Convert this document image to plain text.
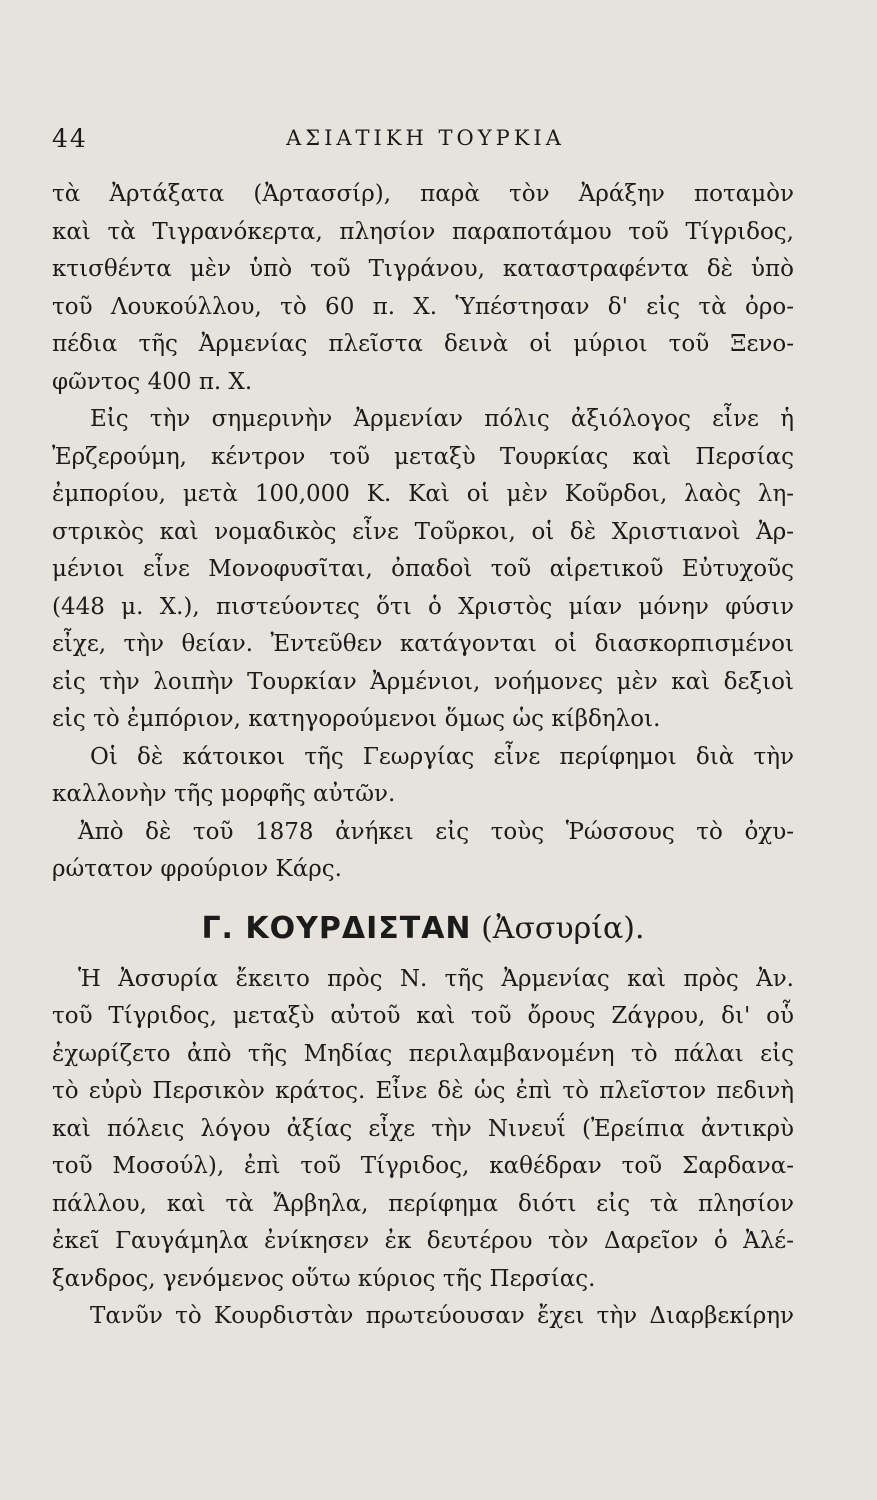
44	ΑΣΙΑΤΙΚΗ ΤΟΥΡΚΙΑ
τὰ Ἀρτάξατα (Ἀρτασσίρ), παρὰ τὸν Ἀράξην ποταμὸν
καὶ τὰ Τιγρανόκερτα, πλησίον παραποτάμου τοῦ Τίγριδος,
κτισθέντα μὲν ὑπὸ τοῦ Τιγράνου, καταστραφέντα δὲ ὑπὸ
τοῦ Λουκούλλου, τὸ 60 π. Χ. Ὑπέστησαν δ' εἰς τὰ ὀρο-
πέδια τῆς Ἀρμενίας πλεῖστα δεινὰ οἱ μύριοι τοῦ Ξενο-
φῶντος 400 π. Χ.
Εἰς τὴν σημερινὴν Ἀρμενίαν πόλις ἀξιόλογος εἶνε ἡ
Ἐρζερούμη, κέντρον τοῦ μεταξὺ Τουρκίας καὶ Περσίας
ἐμπορίου, μετὰ 100,000 Κ. Καὶ οἱ μὲν Κοῦρδοι, λαὸς λη-
στρικὸς καὶ νομαδικὸς εἶνε Τοῦρκοι, οἱ δὲ Χριστιανοὶ Ἀρ-
μένιοι εἶνε Μονοφυσῖται, ὀπαδοὶ τοῦ αἱρετικοῦ Εὐτυχοῦς
(448 μ. Χ.), πιστεύοντες ὅτι ὁ Χριστὸς μίαν μόνην φύσιν
εἶχε, τὴν θείαν. Ἐντεῦθεν κατάγονται οἱ διασκορπισμένοι
εἰς τὴν λοιπὴν Τουρκίαν Ἀρμένιοι, νοήμονες μὲν καὶ δεξιοὶ
εἰς τὸ ἐμπόριον, κατηγορούμενοι ὅμως ὡς κίβδηλοι.
Οἱ δὲ κάτοικοι τῆς Γεωργίας εἶνε περίφημοι διὰ τὴν
καλλονὴν τῆς μορφῆς αὐτῶν.
Ἀπὸ δὲ τοῦ 1878 ἀνήκει εἰς τοὺς Ῥώσσους τὸ ὀχυ-
ρώτατον φρούριον Κάρς.
Γ. ΚΟΥΡΔΙΣΤΑΝ (Ἀσσυρία).
Ἡ Ἀσσυρία ἔκειτο πρὸς Ν. τῆς Ἀρμενίας καὶ πρὸς Ἀν.
τοῦ Τίγριδος, μεταξὺ αὐτοῦ καὶ τοῦ ὄρους Ζάγρου, δι' οὗ
ἐχωρίζετο ἀπὸ τῆς Μηδίας περιλαμβανομένη τὸ πάλαι εἰς
τὸ εὐρὺ Περσικὸν κράτος. Εἶνε δὲ ὡς ἐπὶ τὸ πλεῖστον πεδινὴ
καὶ πόλεις λόγου ἀξίας εἶχε τὴν Νινευΐ (Ἐρείπια ἀντικρὺ
τοῦ Μοσούλ), ἐπὶ τοῦ Τίγριδος, καθέδραν τοῦ Σαρδανα-
πάλλου, καὶ τὰ Ἄρβηλα, περίφημα διότι εἰς τὰ πλησίον
ἐκεῖ Γαυγάμηλα ἐνίκησεν ἐκ δευτέρου τὸν Δαρεῖον ὁ Ἀλέ-
ξανδρος, γενόμενος οὕτω κύριος τῆς Περσίας.
Τανῦν τὸ Κουρδιστὰν πρωτεύουσαν ἔχει τὴν Διαρβεκίρην
